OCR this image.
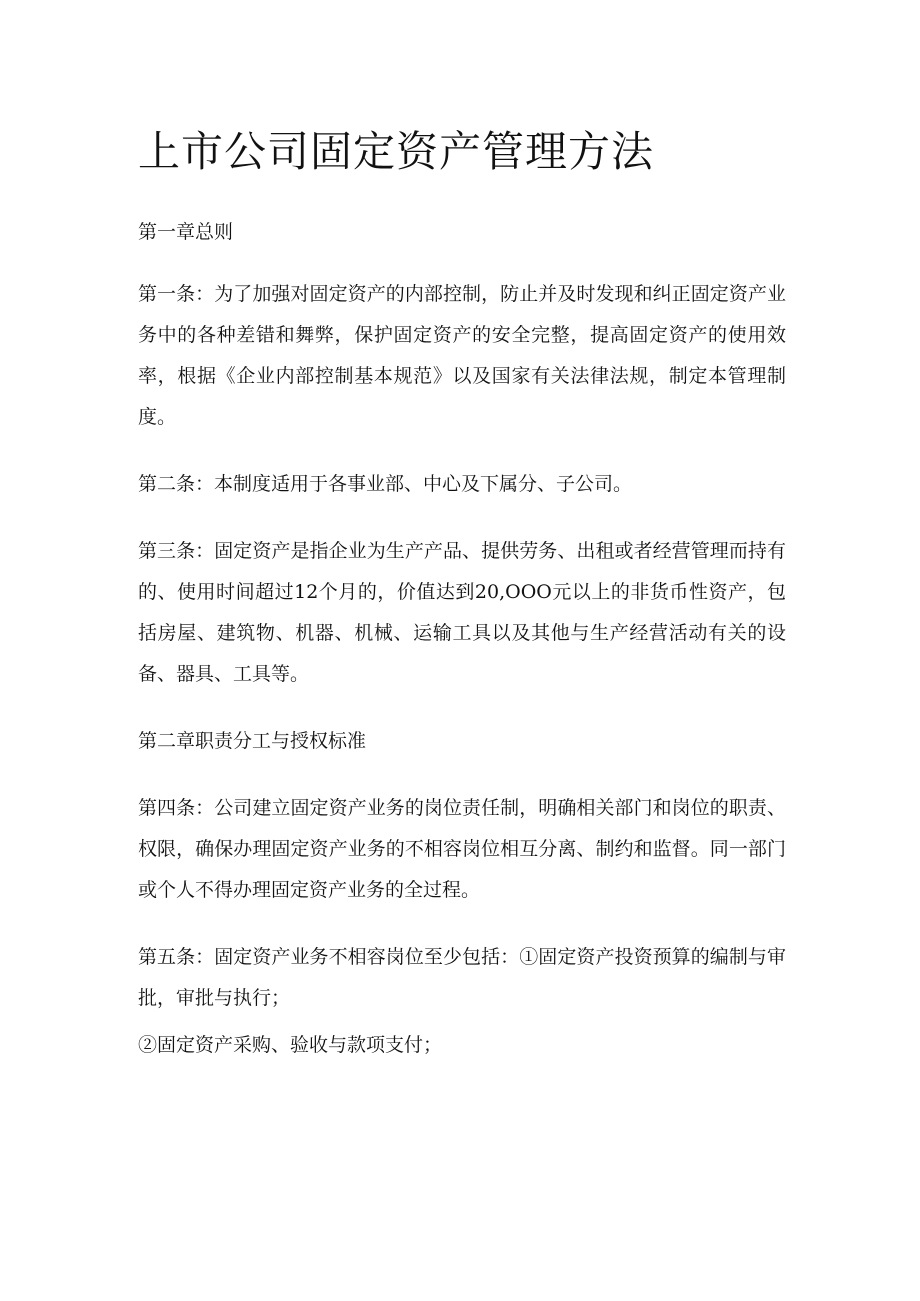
上市公司固定资产管理方法

第一章总则

第一条：为了加强对固定资产的内部控制，防止并及时发现和纠正固定资产业务中的各种差错和舞弊，保护固定资产的安全完整，提高固定资产的使用效率，根据《企业内部控制基本规范》以及国家有关法律法规，制定本管理制度。

第二条：本制度适用于各事业部、中心及下属分、子公司。

第三条：固定资产是指企业为生产产品、提供劳务、出租或者经营管理而持有的、使用时间超过12个月的，价值达到20,OOO元以上的非货币性资产，包括房屋、建筑物、机器、机械、运输工具以及其他与生产经营活动有关的设备、器具、工具等。

第二章职责分工与授权标准

第四条：公司建立固定资产业务的岗位责任制，明确相关部门和岗位的职责、权限，确保办理固定资产业务的不相容岗位相互分离、制约和监督。同一部门或个人不得办理固定资产业务的全过程。

第五条：固定资产业务不相容岗位至少包括：①固定资产投资预算的编制与审批，审批与执行；

②固定资产采购、验收与款项支付；
